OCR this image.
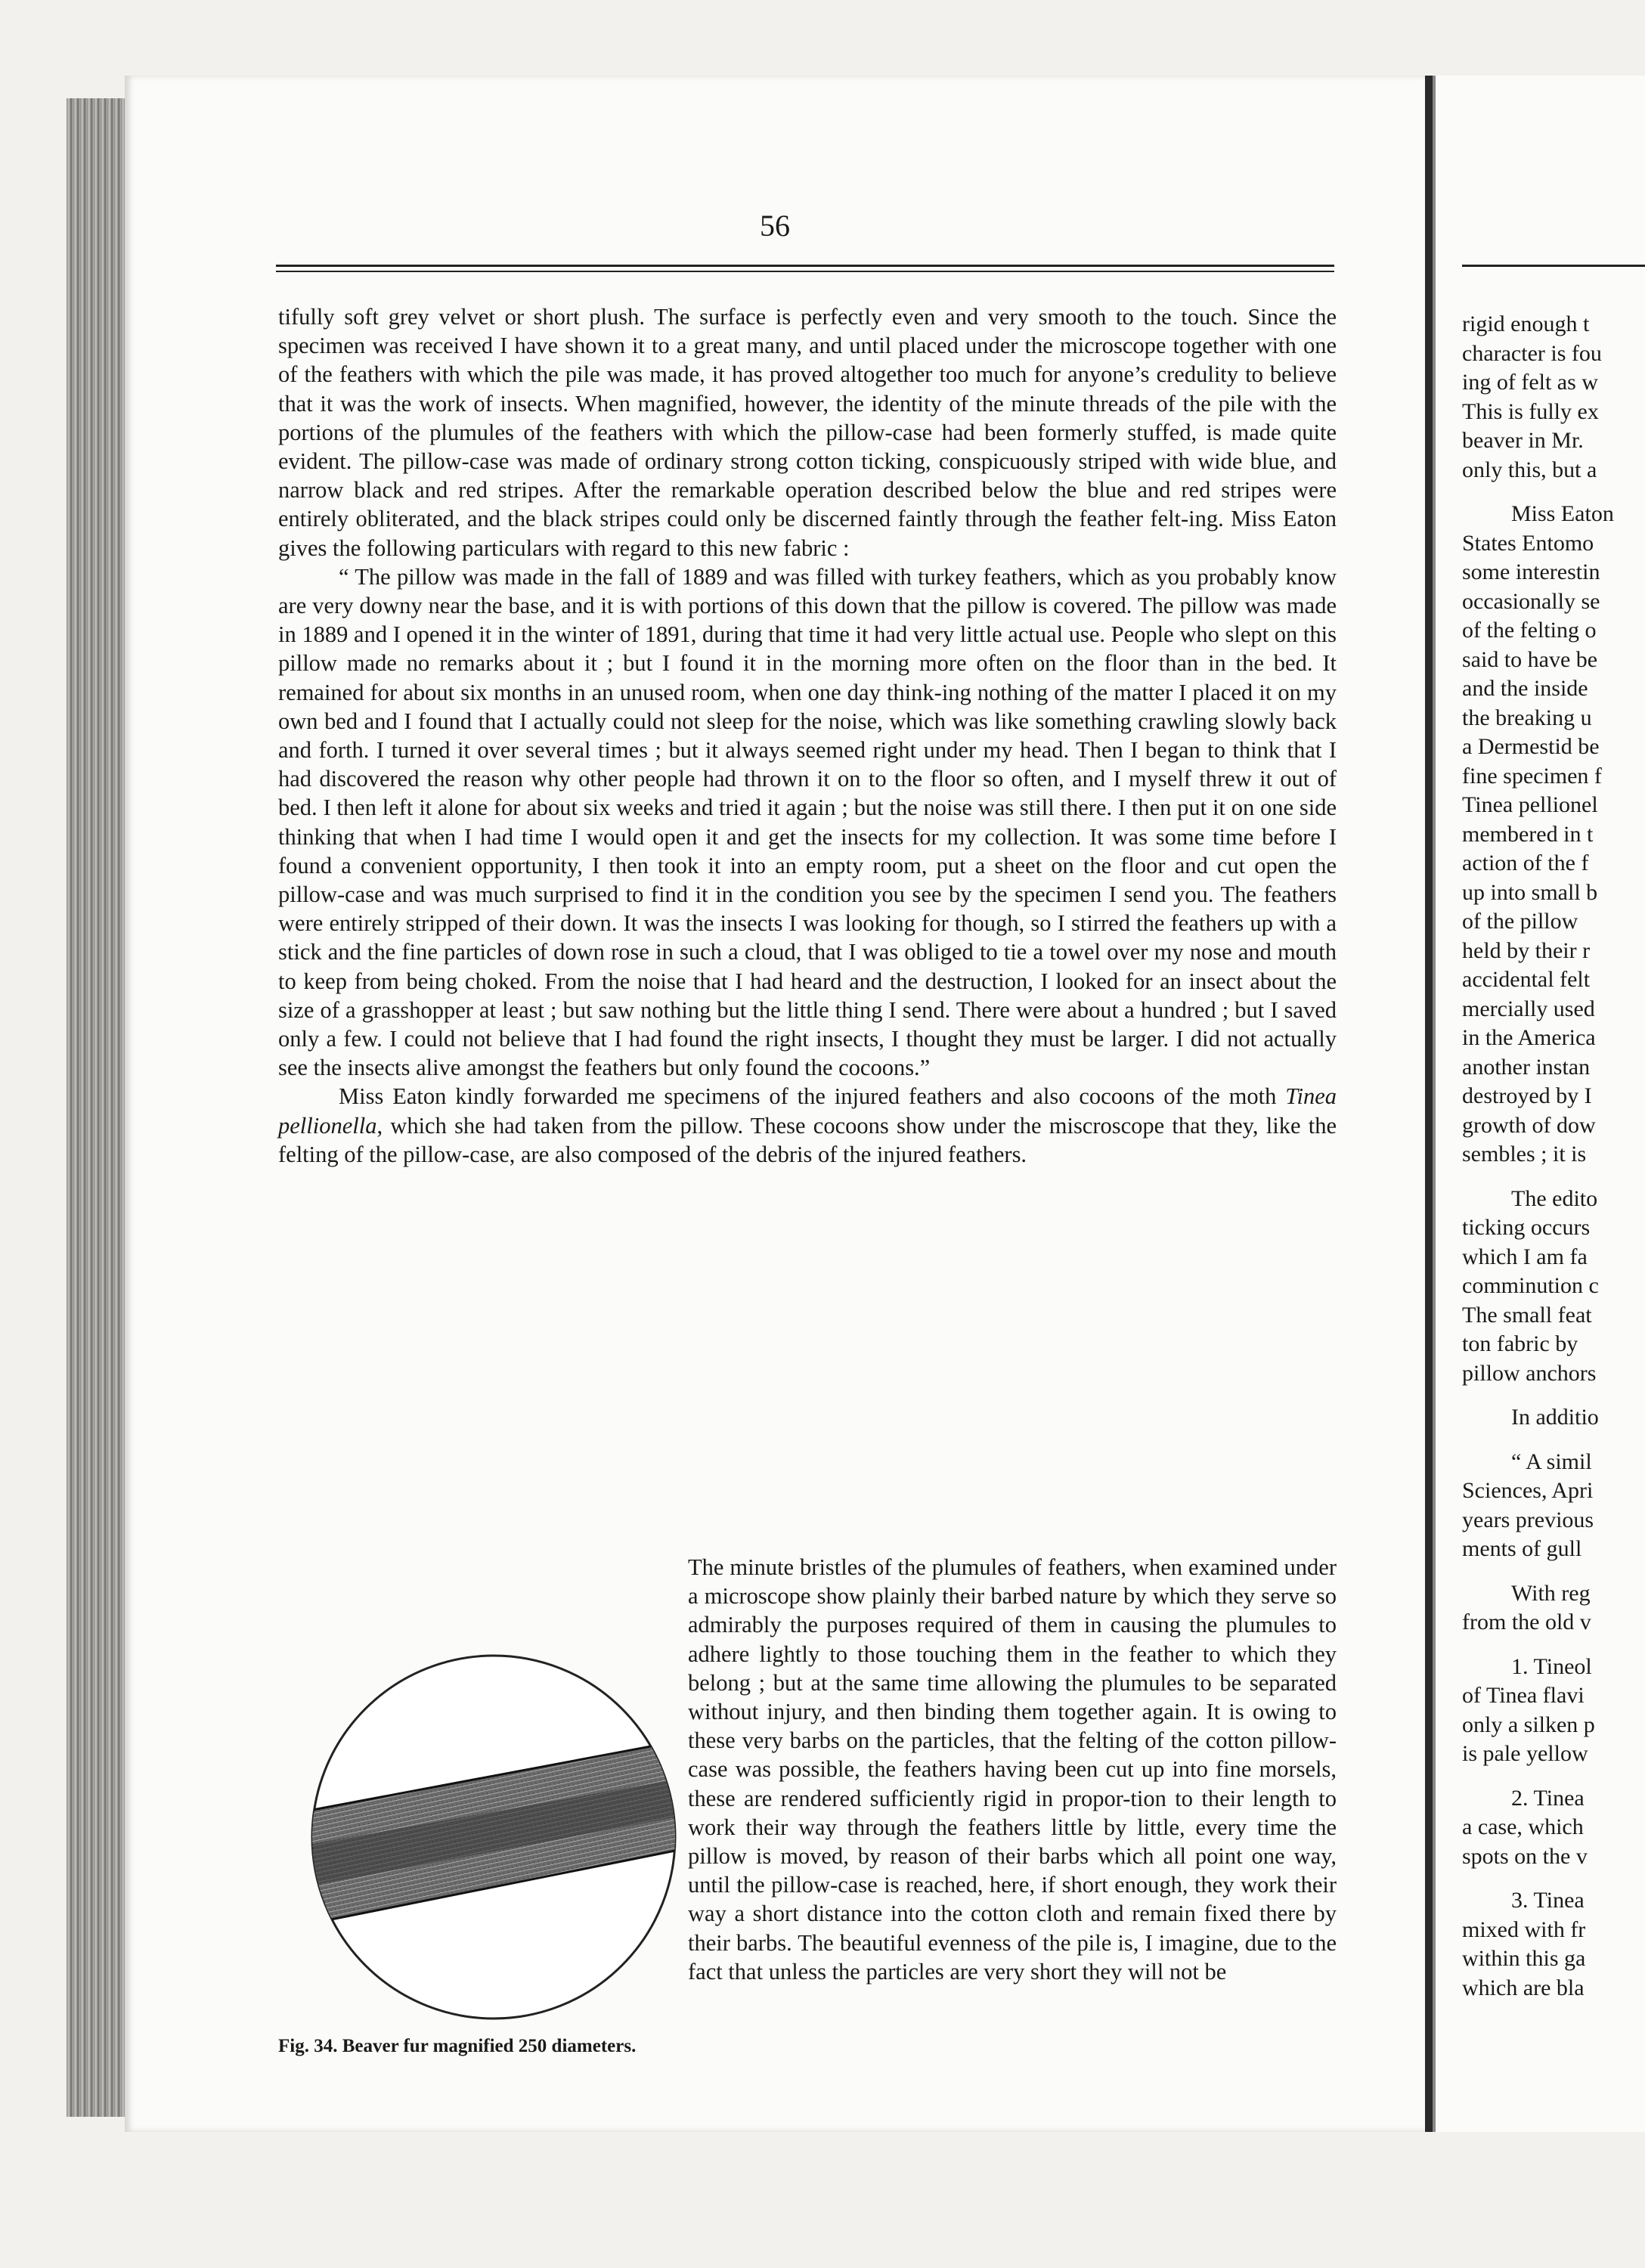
56

tifully soft grey velvet or short plush. The surface is perfectly even and very smooth to the touch. Since the specimen was received I have shown it to a great many, and until placed under the microscope together with one of the feathers with which the pile was made, it has proved altogether too much for anyone’s credulity to believe that it was the work of insects. When magnified, however, the identity of the minute threads of the pile with the portions of the plumules of the feathers with which the pillow-case had been formerly stuffed, is made quite evident. The pillow-case was made of ordinary strong cotton ticking, conspicuously striped with wide blue, and narrow black and red stripes. After the remarkable operation described below the blue and red stripes were entirely obliterated, and the black stripes could only be discerned faintly through the feather felt-ing. Miss Eaton gives the following particulars with regard to this new fabric :

“ The pillow was made in the fall of 1889 and was filled with turkey feathers, which as you probably know are very downy near the base, and it is with portions of this down that the pillow is covered. The pillow was made in 1889 and I opened it in the winter of 1891, during that time it had very little actual use. People who slept on this pillow made no remarks about it ; but I found it in the morning more often on the floor than in the bed. It remained for about six months in an unused room, when one day think-ing nothing of the matter I placed it on my own bed and I found that I actually could not sleep for the noise, which was like something crawling slowly back and forth. I turned it over several times ; but it always seemed right under my head. Then I began to think that I had discovered the reason why other people had thrown it on to the floor so often, and I myself threw it out of bed. I then left it alone for about six weeks and tried it again ; but the noise was still there. I then put it on one side thinking that when I had time I would open it and get the insects for my collection. It was some time before I found a convenient opportunity, I then took it into an empty room, put a sheet on the floor and cut open the pillow-case and was much surprised to find it in the condition you see by the specimen I send you. The feathers were entirely stripped of their down. It was the insects I was looking for though, so I stirred the feathers up with a stick and the fine particles of down rose in such a cloud, that I was obliged to tie a towel over my nose and mouth to keep from being choked. From the noise that I had heard and the destruction, I looked for an insect about the size of a grasshopper at least ; but saw nothing but the little thing I send. There were about a hundred ; but I saved only a few. I could not believe that I had found the right insects, I thought they must be larger. I did not actually see the insects alive amongst the feathers but only found the cocoons.”

Miss Eaton kindly forwarded me specimens of the injured feathers and also cocoons of the moth Tinea pellionella, which she had taken from the pillow. These cocoons show under the miscroscope that they, like the felting of the pillow-case, are also composed of the debris of the injured feathers.

The minute bristles of the plumules of feathers, when examined under a microscope show plainly their barbed nature by which they serve so admirably the purposes required of them in causing the plumules to adhere lightly to those touching them in the feather to which they belong ; but at the same time allowing the plumules to be separated without injury, and then binding them together again. It is owing to these very barbs on the particles, that the felting of the cotton pillow-case was possible, the feathers having been cut up into fine morsels, these are rendered sufficiently rigid in propor-tion to their length to work their way through the feathers little by little, every time the pillow is moved, by reason of their barbs which all point one way, until the pillow-case is reached, here, if short enough, they work their way a short distance into the cotton cloth and remain fixed there by their barbs. The beautiful evenness of the pile is, I imagine, due to the fact that unless the particles are very short they will not be
Fig. 34. Beaver fur magnified 250 diameters.
rigid enough t
character is fou
ing of felt as w
This is fully ex
beaver in Mr.
only this, but a
Miss Eaton
States Entomo
some interestin
occasionally se
of the felting o
said to have be
and the inside
the breaking u
a Dermestid be
fine specimen f
Tinea pellionel
membered in t
action of the f
up into small b
of the pillow
held by their r
accidental felt
mercially used
in the America
another instan
destroyed by I
growth of dow
sembles ; it is
The edito
ticking occurs
which I am fa
comminution c
The small feat
ton fabric by
pillow anchors
In additio
“ A simil
Sciences, Apri
years previous
ments of gull
With reg
from the old v
1. Tineol
of Tinea flavi
only a silken p
is pale yellow
2. Tinea
a case, which
spots on the v
3. Tinea
mixed with fr
within this ga
which are bla
